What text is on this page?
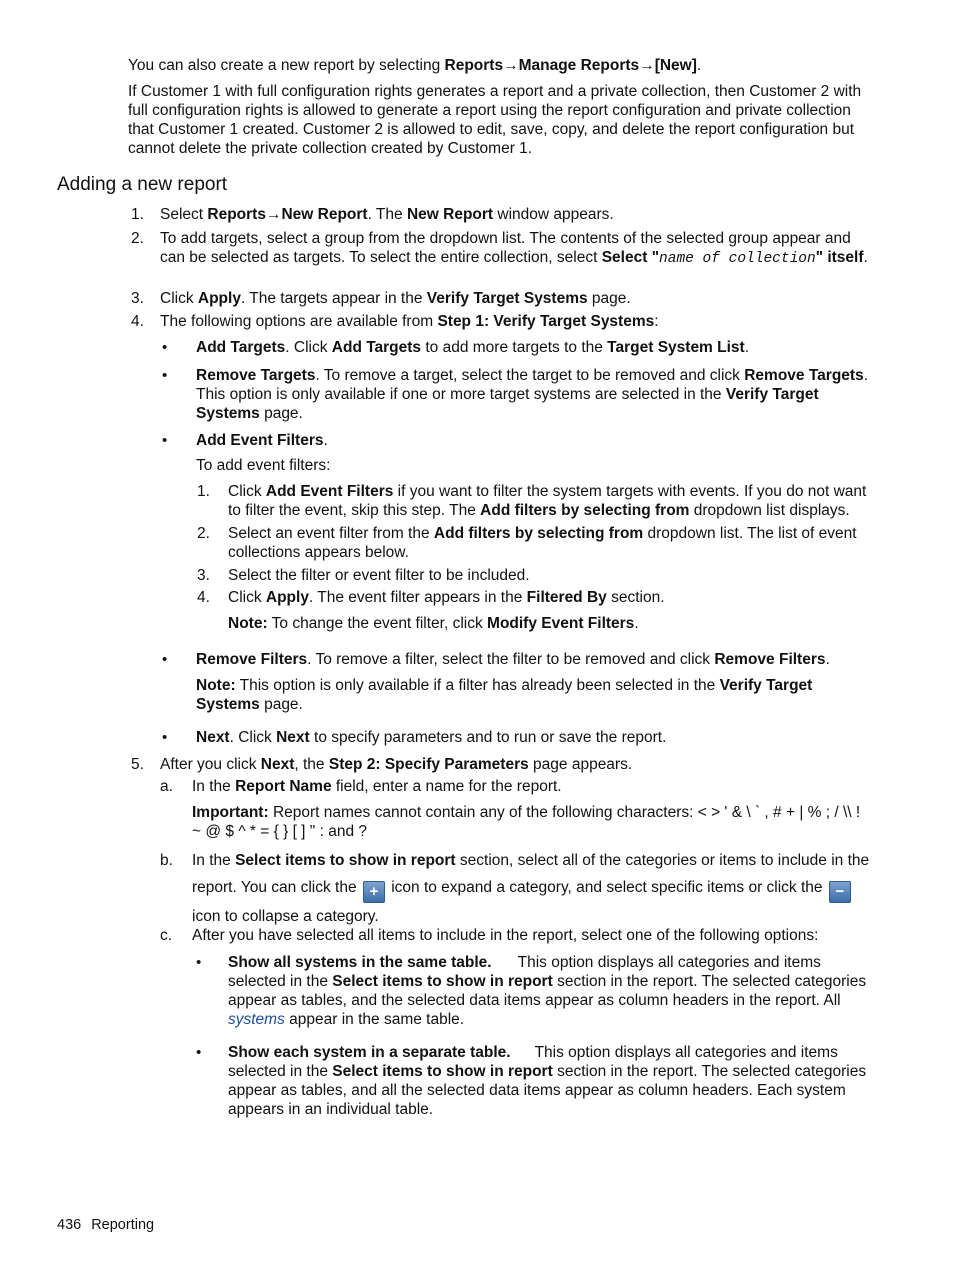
You can also create a new report by selecting Reports→Manage Reports→[New].

If Customer 1 with full configuration rights generates a report and a private collection, then Customer 2 with full configuration rights is allowed to generate a report using the report configuration and private collection that Customer 1 created. Customer 2 is allowed to edit, save, copy, and delete the report configuration but cannot delete the private collection created by Customer 1.

Adding a new report
1. Select Reports→New Report. The New Report window appears.

2. To add targets, select a group from the dropdown list. The contents of the selected group appear and can be selected as targets. To select the entire collection, select Select "name of collection" itself.

3. Click Apply. The targets appear in the Verify Target Systems page.

4. The following options are available from Step 1: Verify Target Systems:

• Add Targets. Click Add Targets to add more targets to the Target System List.

• Remove Targets. To remove a target, select the target to be removed and click Remove Targets. This option is only available if one or more target systems are selected in the Verify Target Systems page.

• Add Event Filters.

To add event filters:

1. Click Add Event Filters if you want to filter the system targets with events. If you do not want to filter the event, skip this step. The Add filters by selecting from dropdown list displays.

2. Select an event filter from the Add filters by selecting from dropdown list. The list of event collections appears below.

3. Select the filter or event filter to be included.

4. Click Apply. The event filter appears in the Filtered By section.

Note: To change the event filter, click Modify Event Filters.

• Remove Filters. To remove a filter, select the filter to be removed and click Remove Filters.

Note: This option is only available if a filter has already been selected in the Verify Target Systems page.

• Next. Click Next to specify parameters and to run or save the report.

5. After you click Next, the Step 2: Specify Parameters page appears.

a. In the Report Name field, enter a name for the report.

Important: Report names cannot contain any of the following characters: < > ' & \ ` , # + | % ; / \\ ! ~ @ $ ^ * = { } [ ] " : and ?

b. In the Select items to show in report section, select all of the categories or items to include in the report. You can click the + icon to expand a category, and select specific items or click the − icon to collapse a category.

c. After you have selected all items to include in the report, select one of the following options:

• Show all systems in the same table. This option displays all categories and items selected in the Select items to show in report section in the report. The selected categories appear as tables, and the selected data items appear as column headers in the report. All systems appear in the same table.

• Show each system in a separate table. This option displays all categories and items selected in the Select items to show in report section in the report. The selected categories appear as tables, and all the selected data items appear as column headers. Each system appears in an individual table.

436 Reporting
